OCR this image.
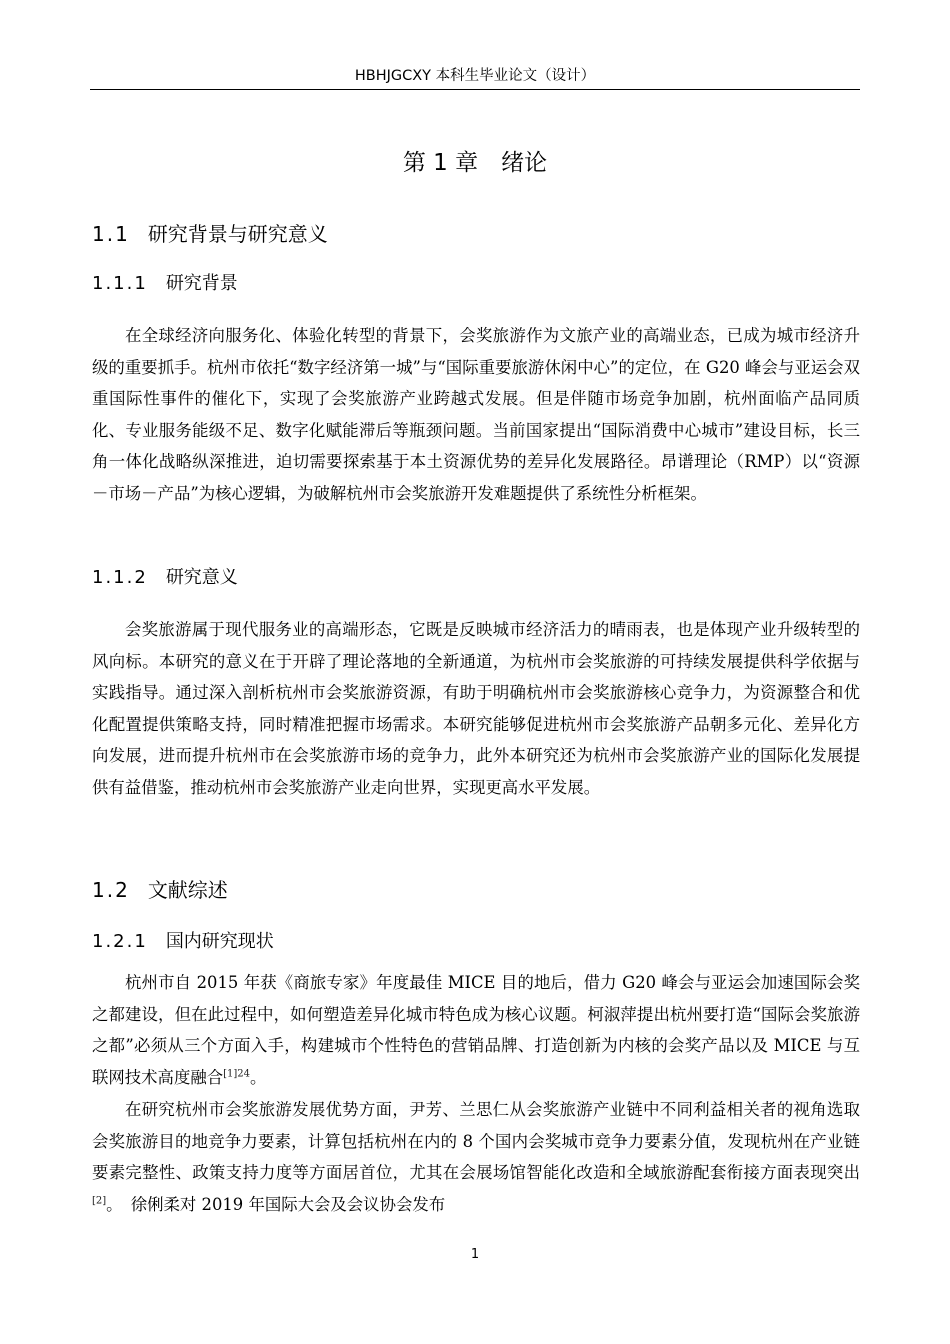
HBHJGCXY 本科生毕业论文（设计）
第 1 章　绪论
1.1 研究背景与研究意义
1.1.1 研究背景
在全球经济向服务化、体验化转型的背景下，会奖旅游作为文旅产业的高端业态，已成为城市经济升级的重要抓手。杭州市依托“数字经济第一城”与“国际重要旅游休闲中心”的定位，在 G20 峰会与亚运会双重国际性事件的催化下，实现了会奖旅游产业跨越式发展。但是伴随市场竞争加剧，杭州面临产品同质化、专业服务能级不足、数字化赋能滞后等瓶颈问题。当前国家提出“国际消费中心城市”建设目标，长三角一体化战略纵深推进，迫切需要探索基于本土资源优势的差异化发展路径。昂谱理论（RMP）以“资源－市场－产品”为核心逻辑，为破解杭州市会奖旅游开发难题提供了系统性分析框架。
1.1.2 研究意义
会奖旅游属于现代服务业的高端形态，它既是反映城市经济活力的晴雨表，也是体现产业升级转型的风向标。本研究的意义在于开辟了理论落地的全新通道，为杭州市会奖旅游的可持续发展提供科学依据与实践指导。通过深入剖析杭州市会奖旅游资源，有助于明确杭州市会奖旅游核心竞争力，为资源整合和优化配置提供策略支持，同时精准把握市场需求。本研究能够促进杭州市会奖旅游产品朝多元化、差异化方向发展，进而提升杭州市在会奖旅游市场的竞争力，此外本研究还为杭州市会奖旅游产业的国际化发展提供有益借鉴，推动杭州市会奖旅游产业走向世界，实现更高水平发展。
1.2 文献综述
1.2.1 国内研究现状
杭州市自 2015 年获《商旅专家》年度最佳 MICE 目的地后，借力 G20 峰会与亚运会加速国际会奖之都建设，但在此过程中，如何塑造差异化城市特色成为核心议题。柯淑萍提出杭州要打造“国际会奖旅游之都”必须从三个方面入手，构建城市个性特色的营销品牌、打造创新为内核的会奖产品以及 MICE 与互联网技术高度融合$^{[1]24}$。
在研究杭州市会奖旅游发展优势方面，尹芳、兰思仁从会奖旅游产业链中不同利益相关者的视角选取会奖旅游目的地竞争力要素，计算包括杭州在内的 8 个国内会奖城市竞争力要素分值，发现杭州在产业链要素完整性、政策支持力度等方面居首位，尤其在会展场馆智能化改造和全域旅游配套衔接方面表现突出[2]。　徐俐柔对 2019 年国际大会及会议协会发布
1
